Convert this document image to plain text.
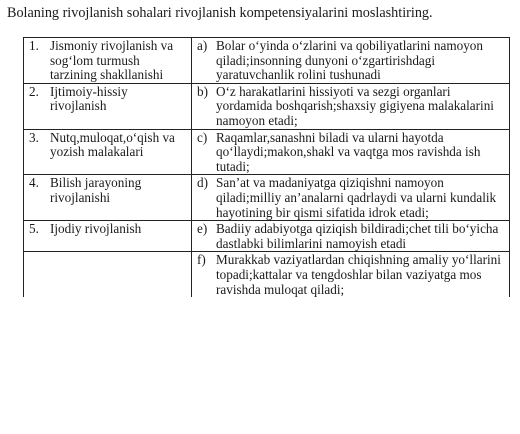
Bolaning rivojlanish sohalari rivojlanish kompetensiyalarini moslashtiring.
1. Jismoniy rivojlanish va sog‘lom turmush tarzining shakllanishi	a) Bolar o‘yinda o‘zlarini va qobiliyatlarini namoyon qiladi;insonning dunyoni o‘zgartirishdagi yaratuvchanlik rolini tushunadi

2. Ijtimoiy-hissiy rivojlanish	b) O‘z harakatlarini hissiyoti va sezgi organlari yordamida boshqarish;shaxsiy gigiyena malakalarini namoyon etadi;

3. Nutq,muloqat,o‘qish va yozish malakalari	c) Raqamlar,sanashni biladi va ularni hayotda qo‘llaydi;makon,shakl va vaqtga mos ravishda ish tutadi;

4. Bilish jarayoning rivojlanishi	d) San’at va madaniyatga qiziqishni namoyon qiladi;milliy an’analarni qadrlaydi va ularni kundalik hayotining bir qismi sifatida idrok etadi;

5. Ijodiy rivojlanish	e) Badiiy adabiyotga qiziqish bildiradi;chet tili bo‘yicha dastlabki bilimlarini namoyish etadi

	f) Murakkab vaziyatlardan chiqishning amaliy yo‘llarini topadi;kattalar va tengdoshlar bilan vaziyatga mos ravishda muloqat qiladi;
